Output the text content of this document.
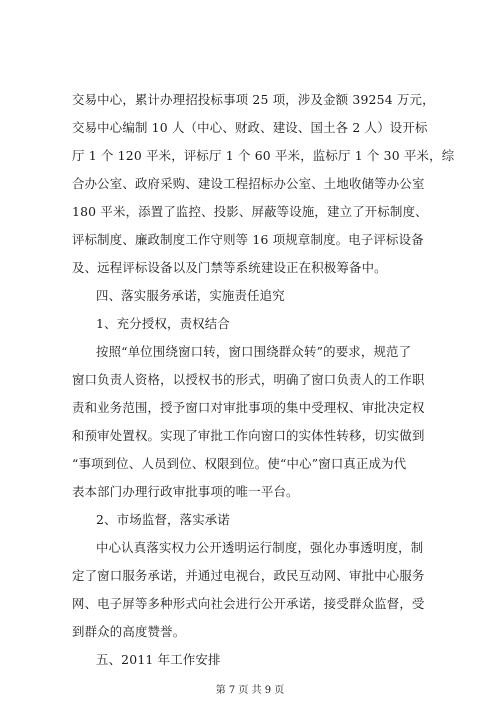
交易中心，累计办理招投标事项 25 项，涉及金额 39254 万元，
交易中心编制 10 人（中心、财政、建设、国土各 2 人）设开标
厅 1 个 120 平米，评标厅 1 个 60 平米，监标厅 1 个 30 平米，综
合办公室、政府采购、建设工程招标办公室、土地收储等办公室
180 平米，添置了监控、投影、屏蔽等设施，建立了开标制度、
评标制度、廉政制度工作守则等 16 项规章制度。电子评标设备
及、远程评标设备以及门禁等系统建设正在积极筹备中。
四、落实服务承诺，实施责任追究
1、充分授权，责权结合
按照“单位围绕窗口转，窗口围绕群众转”的要求，规范了
窗口负责人资格，以授权书的形式，明确了窗口负责人的工作职
责和业务范围，授予窗口对审批事项的集中受理权、审批决定权
和预审处置权。实现了审批工作向窗口的实体性转移，切实做到
“事项到位、人员到位、权限到位。使“中心”窗口真正成为代
表本部门办理行政审批事项的唯一平台。
2、市场监督，落实承诺
中心认真落实权力公开透明运行制度，强化办事透明度，制
定了窗口服务承诺，并通过电视台，政民互动网、审批中心服务
网、电子屏等多种形式向社会进行公开承诺，接受群众监督，受
到群众的高度赞誉。
五、2011 年工作安排
第 7 页 共 9 页
